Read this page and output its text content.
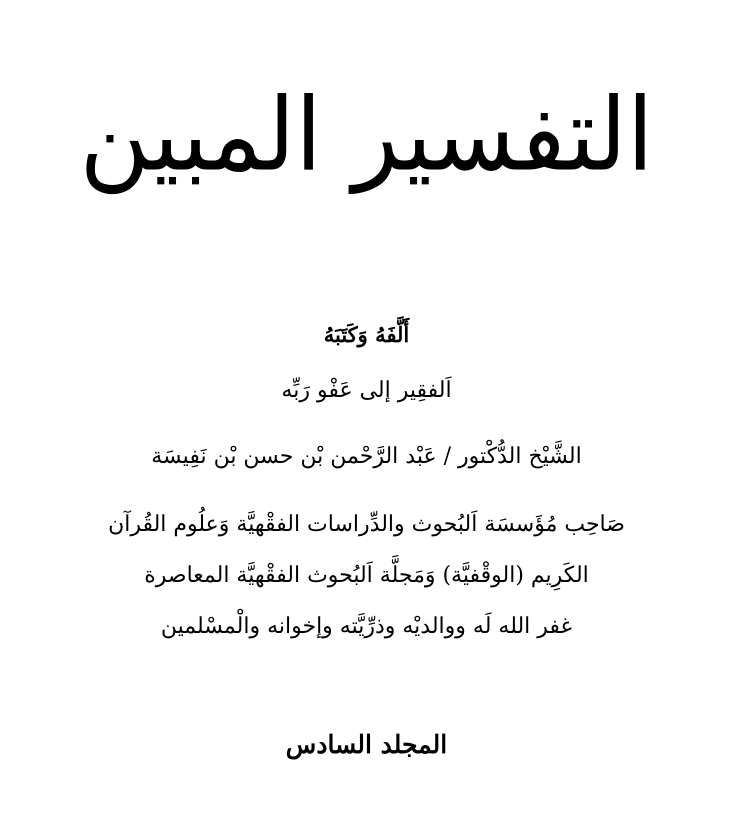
التفسير المبين
أَلَّفَهُ وَكَتَبَهُ
اَلفقِير إلى عَفْو رَبِّه
الشَّيْخ الدُّكْتور / عَبْد الرَّحْمن بْن حسن بْن نَفِيسَة
صَاحِب مُؤَسسَة اَلبُحوث والدِّراسات الفقْهيَّة وَعلُوم القُرآن
الكَرِيم (الوقْفيَّة) وَمَجلَّة اَلبُحوث الفقْهيَّة المعاصرة
غفر الله لَه ووالديْه وذرِّيَّته وإخوانه والْمسْلمين
المجلد السادس
